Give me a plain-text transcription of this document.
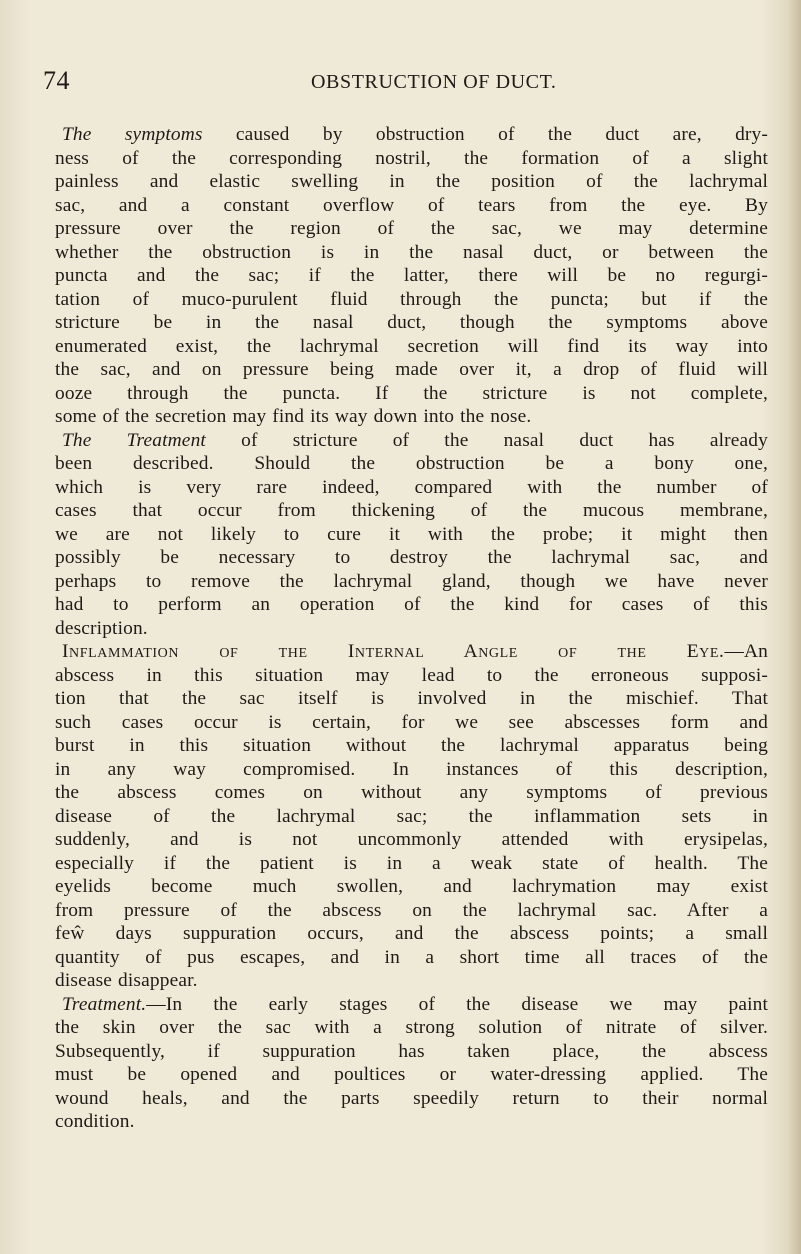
74	OBSTRUCTION OF DUCT.
The symptoms caused by obstruction of the duct are, dry-
ness of the corresponding nostril, the formation of a slight
painless and elastic swelling in the position of the lachrymal
sac, and a constant overflow of tears from the eye. By
pressure over the region of the sac, we may determine
whether the obstruction is in the nasal duct, or between the
puncta and the sac; if the latter, there will be no regurgi-
tation of muco-purulent fluid through the puncta; but if the
stricture be in the nasal duct, though the symptoms above
enumerated exist, the lachrymal secretion will find its way into
the sac, and on pressure being made over it, a drop of fluid will
ooze through the puncta. If the stricture is not complete,
some of the secretion may find its way down into the nose.
The Treatment of stricture of the nasal duct has already
been described. Should the obstruction be a bony one,
which is very rare indeed, compared with the number of
cases that occur from thickening of the mucous membrane,
we are not likely to cure it with the probe; it might then
possibly be necessary to destroy the lachrymal sac, and
perhaps to remove the lachrymal gland, though we have never
had to perform an operation of the kind for cases of this
description.
Inflammation of the Internal Angle of the Eye.—An
abscess in this situation may lead to the erroneous supposi-
tion that the sac itself is involved in the mischief. That
such cases occur is certain, for we see abscesses form and
burst in this situation without the lachrymal apparatus being
in any way compromised. In instances of this description,
the abscess comes on without any symptoms of previous
disease of the lachrymal sac; the inflammation sets in
suddenly, and is not uncommonly attended with erysipelas,
especially if the patient is in a weak state of health. The
eyelids become much swollen, and lachrymation may exist
from pressure of the abscess on the lachrymal sac. After a
feŵ days suppuration occurs, and the abscess points; a small
quantity of pus escapes, and in a short time all traces of the
disease disappear.
Treatment.—In the early stages of the disease we may paint
the skin over the sac with a strong solution of nitrate of silver.
Subsequently, if suppuration has taken place, the abscess
must be opened and poultices or water-dressing applied. The
wound heals, and the parts speedily return to their normal
condition.
